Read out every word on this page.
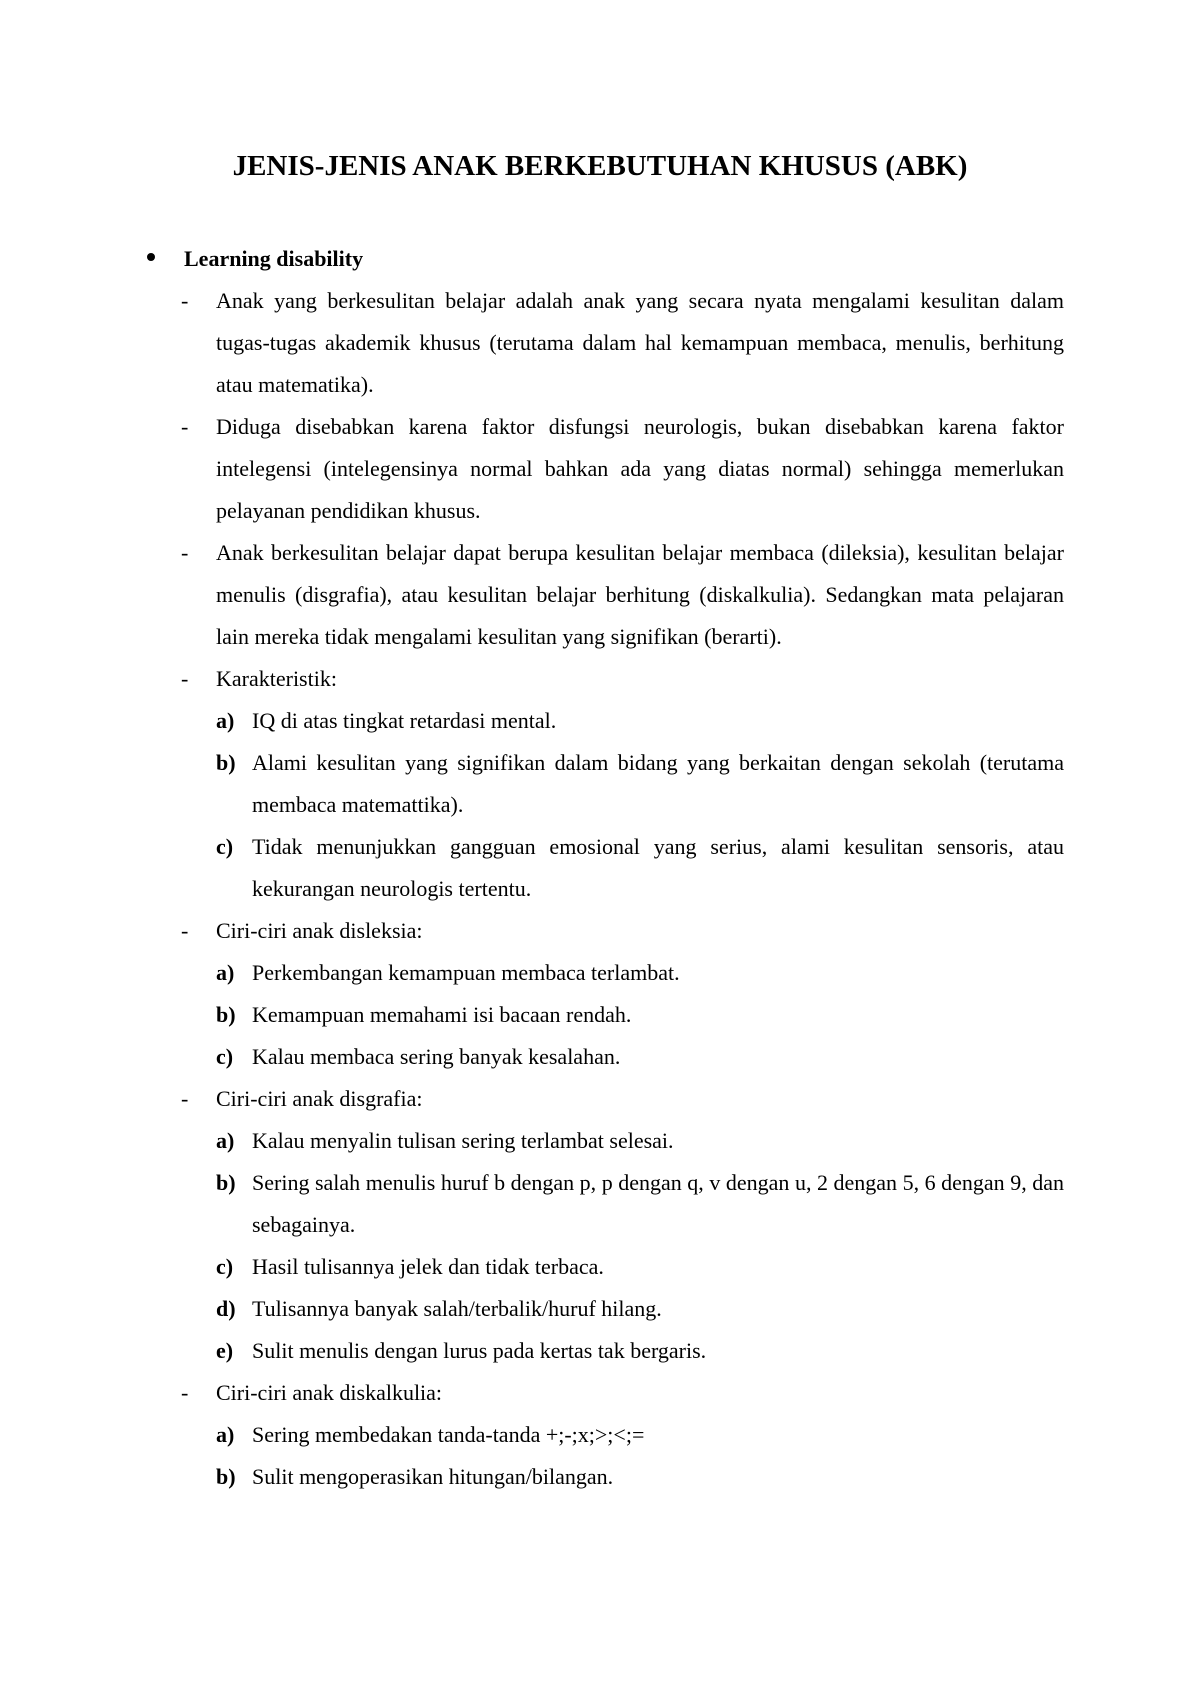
JENIS-JENIS ANAK BERKEBUTUHAN KHUSUS (ABK)
Learning disability
- Anak yang berkesulitan belajar adalah anak yang secara nyata mengalami kesulitan dalam tugas-tugas akademik khusus (terutama dalam hal kemampuan membaca, menulis, berhitung atau matematika).
- Diduga disebabkan karena faktor disfungsi neurologis, bukan disebabkan karena faktor intelegensi (intelegensinya normal bahkan ada yang diatas normal) sehingga memerlukan pelayanan pendidikan khusus.
- Anak berkesulitan belajar dapat berupa kesulitan belajar membaca (dileksia), kesulitan belajar menulis (disgrafia), atau kesulitan belajar berhitung (diskalkulia). Sedangkan mata pelajaran lain mereka tidak mengalami kesulitan yang signifikan (berarti).
- Karakteristik:
a) IQ di atas tingkat retardasi mental.
b) Alami kesulitan yang signifikan dalam bidang yang berkaitan dengan sekolah (terutama membaca matemattika).
c) Tidak menunjukkan gangguan emosional yang serius, alami kesulitan sensoris, atau kekurangan neurologis tertentu.
- Ciri-ciri anak disleksia:
a) Perkembangan kemampuan membaca terlambat.
b) Kemampuan memahami isi bacaan rendah.
c) Kalau membaca sering banyak kesalahan.
- Ciri-ciri anak disgrafia:
a) Kalau menyalin tulisan sering terlambat selesai.
b) Sering salah menulis huruf b dengan p, p dengan q, v dengan u, 2 dengan 5, 6 dengan 9, dan sebagainya.
c) Hasil tulisannya jelek dan tidak terbaca.
d) Tulisannya banyak salah/terbalik/huruf hilang.
e) Sulit menulis dengan lurus pada kertas tak bergaris.
- Ciri-ciri anak diskalkulia:
a) Sering membedakan tanda-tanda +;-;x;>;<;=
b) Sulit mengoperasikan hitungan/bilangan.
